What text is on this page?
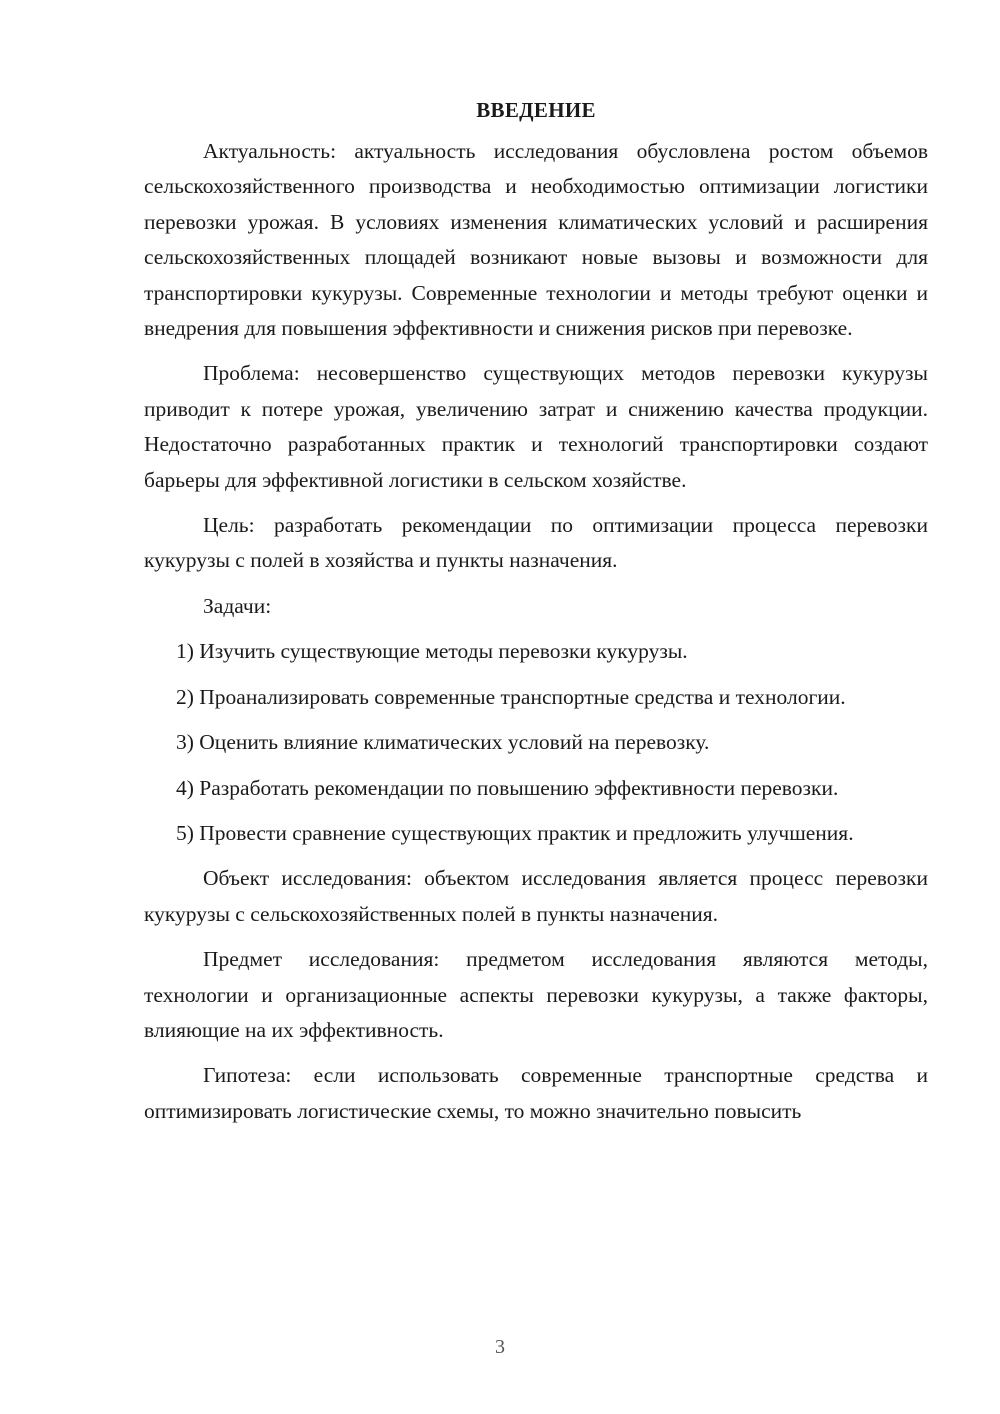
ВВЕДЕНИЕ

Актуальность: актуальность исследования обусловлена ростом объемов сельскохозяйственного производства и необходимостью оптимизации логистики перевозки урожая. В условиях изменения климатических условий и расширения сельскохозяйственных площадей возникают новые вызовы и возможности для транспортировки кукурузы. Современные технологии и методы требуют оценки и внедрения для повышения эффективности и снижения рисков при перевозке.

Проблема: несовершенство существующих методов перевозки кукурузы приводит к потере урожая, увеличению затрат и снижению качества продукции. Недостаточно разработанных практик и технологий транспортировки создают барьеры для эффективной логистики в сельском хозяйстве.

Цель: разработать рекомендации по оптимизации процесса перевозки кукурузы с полей в хозяйства и пункты назначения.

Задачи:

1) Изучить существующие методы перевозки кукурузы.

2) Проанализировать современные транспортные средства и технологии.

3) Оценить влияние климатических условий на перевозку.

4) Разработать рекомендации по повышению эффективности перевозки.

5) Провести сравнение существующих практик и предложить улучшения.

Объект исследования: объектом исследования является процесс перевозки кукурузы с сельскохозяйственных полей в пункты назначения.

Предмет исследования: предметом исследования являются методы, технологии и организационные аспекты перевозки кукурузы, а также факторы, влияющие на их эффективность.

Гипотеза: если использовать современные транспортные средства и оптимизировать логистические схемы, то можно значительно повысить

3
